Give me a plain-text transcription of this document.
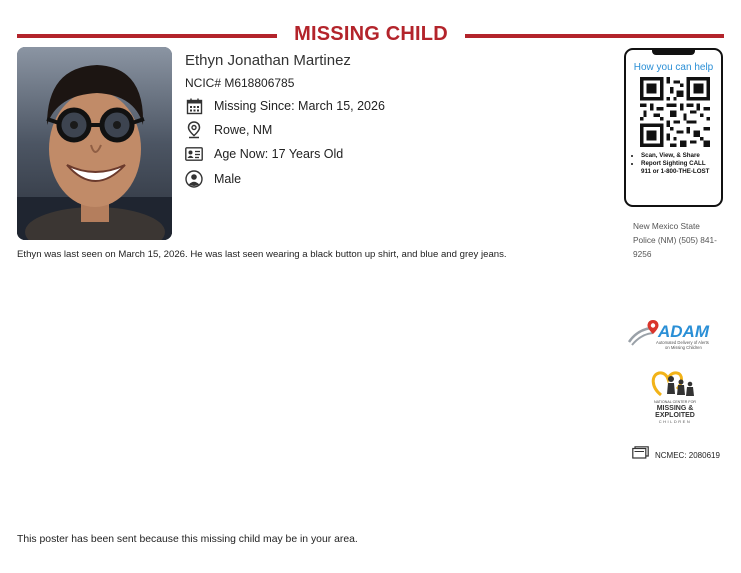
MISSING CHILD
Ethyn Jonathan Martinez
NCIC# M618806785
Missing Since: March 15, 2026
Rowe, NM
Age Now: 17 Years Old
Male
Ethyn was last seen on March 15, 2026. He was last seen wearing a black button up shirt, and blue and grey jeans.
How you can help
• Scan, View, & Share
• Report Sighting CALL 911 or 1-800-THE-LOST
New Mexico State Police (NM) (505) 841-9256
ADAM
Automated Delivery of Alerts
on Missing Children
NATIONAL CENTER FOR
MISSING &
EXPLOITED
CHILDREN
NCMEC: 2080619
This poster has been sent because this missing child may be in your area.
